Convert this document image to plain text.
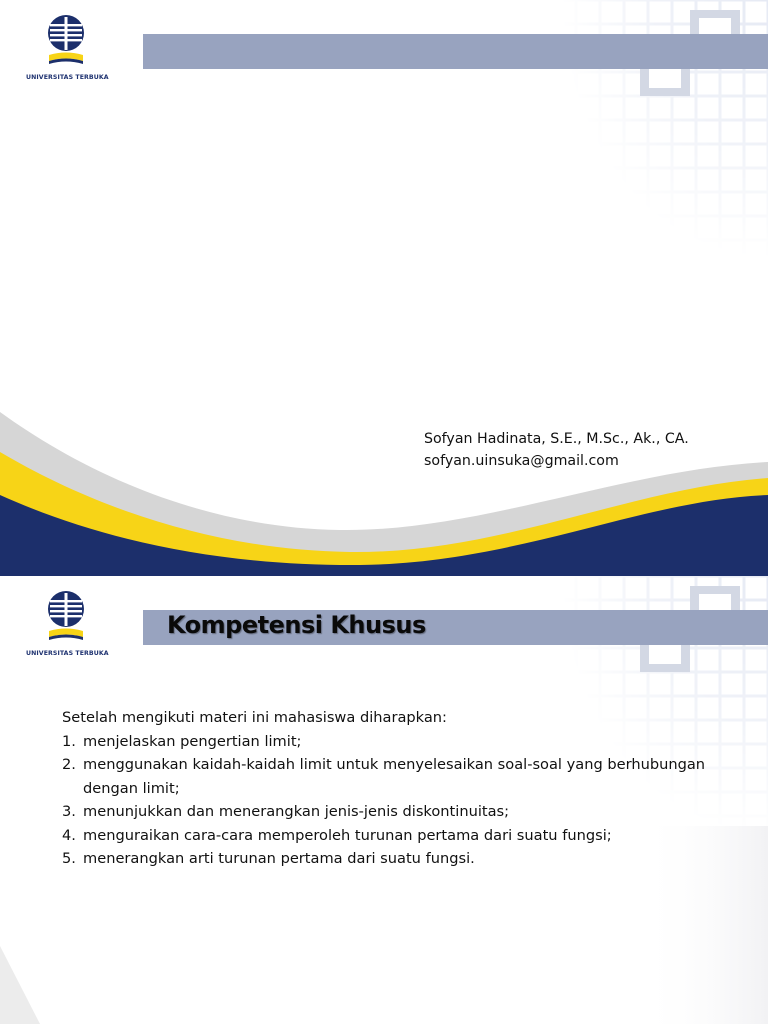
UNIVERSITAS TERBUKA
Sofyan Hadinata, S.E., M.Sc., Ak., CA.
sofyan.uinsuka@gmail.com
Kompetensi Khusus
UNIVERSITAS TERBUKA
Setelah mengikuti materi ini mahasiswa diharapkan:
1. menjelaskan pengertian limit;
2. menggunakan kaidah-kaidah limit untuk menyelesaikan soal-soal yang berhubungan dengan limit;
3. menunjukkan dan menerangkan jenis-jenis diskontinuitas;
4. menguraikan cara-cara memperoleh turunan pertama dari suatu fungsi;
5. menerangkan arti turunan pertama dari suatu fungsi.
